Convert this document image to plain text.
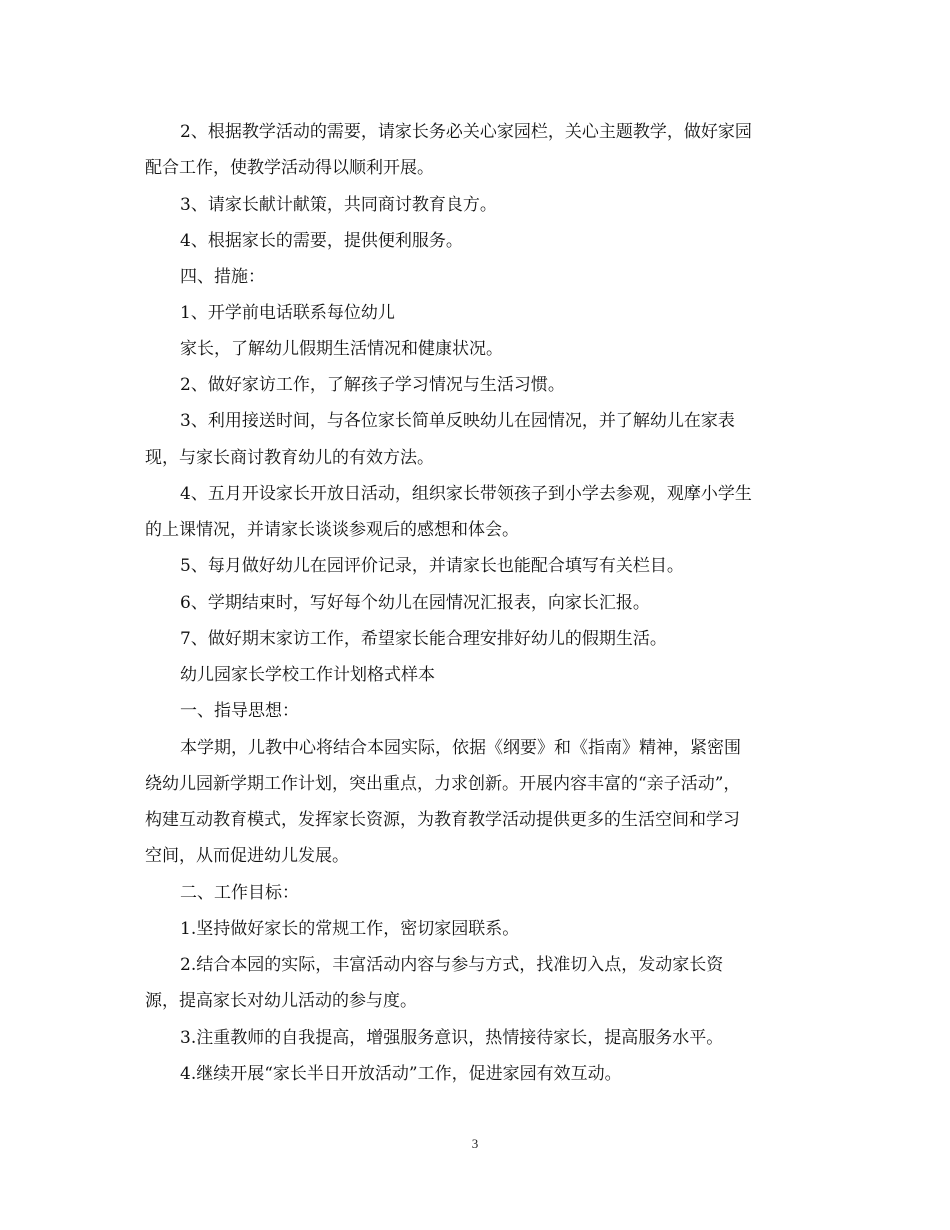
2、根据教学活动的需要，请家长务必关心家园栏，关心主题教学，做好家园
配合工作，使教学活动得以顺利开展。
3、请家长献计献策，共同商讨教育良方。
4、根据家长的需要，提供便利服务。
四、措施：
1、开学前电话联系每位幼儿
家长，了解幼儿假期生活情况和健康状况。
2、做好家访工作，了解孩子学习情况与生活习惯。
3、利用接送时间，与各位家长简单反映幼儿在园情况，并了解幼儿在家表
现，与家长商讨教育幼儿的有效方法。
4、五月开设家长开放日活动，组织家长带领孩子到小学去参观，观摩小学生
的上课情况，并请家长谈谈参观后的感想和体会。
5、每月做好幼儿在园评价记录，并请家长也能配合填写有关栏目。
6、学期结束时，写好每个幼儿在园情况汇报表，向家长汇报。
7、做好期末家访工作，希望家长能合理安排好幼儿的假期生活。
幼儿园家长学校工作计划格式样本
一、指导思想：
本学期，儿教中心将结合本园实际，依据《纲要》和《指南》精神，紧密围
绕幼儿园新学期工作计划，突出重点，力求创新。开展内容丰富的“亲子活动”，
构建互动教育模式，发挥家长资源，为教育教学活动提供更多的生活空间和学习
空间，从而促进幼儿发展。
二、工作目标：
1.坚持做好家长的常规工作，密切家园联系。
2.结合本园的实际，丰富活动内容与参与方式，找准切入点，发动家长资
源，提高家长对幼儿活动的参与度。
3.注重教师的自我提高，增强服务意识，热情接待家长，提高服务水平。
4.继续开展“家长半日开放活动”工作，促进家园有效互动。
3
